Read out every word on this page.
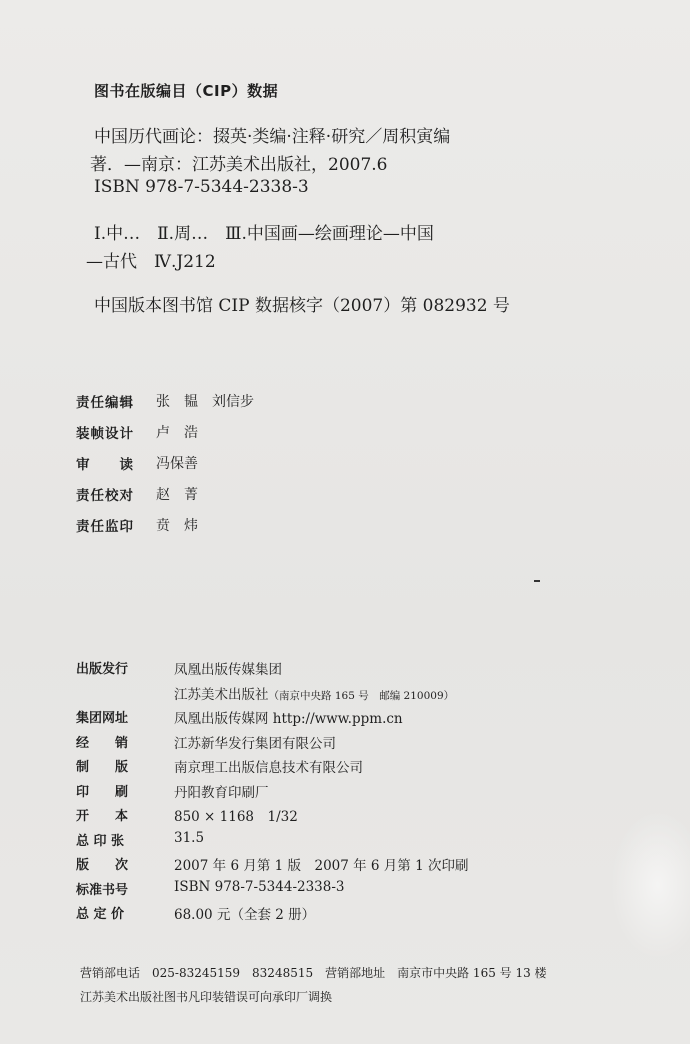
图书在版编目（CIP）数据
中国历代画论：掇英·类编·注释·研究／周积寅编
著．—南京：江苏美术出版社，2007.6
ISBN 978-7-5344-2338-3
Ⅰ.中…　Ⅱ.周…　Ⅲ.中国画—绘画理论—中国
—古代　Ⅳ.J212
中国版本图书馆 CIP 数据核字（2007）第 082932 号
责任编辑	张　韫　刘信步
装帧设计	卢　浩
审　　读	冯保善
责任校对	赵　菁
责任监印	贲　炜
出版发行	凤凰出版传媒集团
江苏美术出版社（南京中央路 165 号　邮编 210009）
集团网址	凤凰出版传媒网 http://www.ppm.cn
经　　销	江苏新华发行集团有限公司
制　　版	南京理工出版信息技术有限公司
印　　刷	丹阳教育印刷厂
开　　本	850 × 1168　1/32
总 印 张	31.5
版　　次	2007 年 6 月第 1 版　2007 年 6 月第 1 次印刷
标准书号	ISBN 978-7-5344-2338-3
总 定 价	68.00 元（全套 2 册）
营销部电话　025-83245159　83248515　营销部地址　南京市中央路 165 号 13 楼
江苏美术出版社图书凡印装错误可向承印厂调换
